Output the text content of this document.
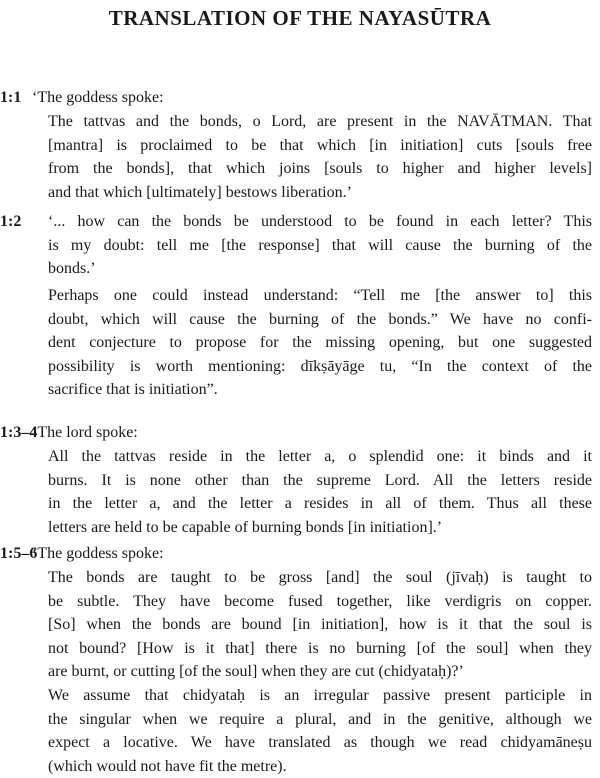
TRANSLATION OF THE NAYASŪTRA
1:1 ‘The goddess spoke:
The tattvas and the bonds, o Lord, are present in the NAVĀTMAN. That
[mantra] is proclaimed to be that which [in initiation] cuts [souls free
from the bonds], that which joins [souls to higher and higher levels]
and that which [ultimately] bestows liberation.’
1:2 ‘... how can the bonds be understood to be found in each letter? This
is my doubt: tell me [the response] that will cause the burning of the
bonds.’
Perhaps one could instead understand: “Tell me [the answer to] this
doubt, which will cause the burning of the bonds.” We have no confi-
dent conjecture to propose for the missing opening, but one suggested
possibility is worth mentioning: dīkṣāyāge tu, “In the context of the
sacrifice that is initiation”.
1:3–4
‘The lord spoke:
All the tattvas reside in the letter a, o splendid one: it binds and it
burns. It is none other than the supreme Lord. All the letters reside
in the letter a, and the letter a resides in all of them. Thus all these
letters are held to be capable of burning bonds [in initiation].’
1:5–6
‘The goddess spoke:
The bonds are taught to be gross [and] the soul (jīvaḥ) is taught to
be subtle. They have become fused together, like verdigris on copper.
[So] when the bonds are bound [in initiation], how is it that the soul is
not bound? [How is it that] there is no burning [of the soul] when they
are burnt, or cutting [of the soul] when they are cut (chidyataḥ)?’
We assume that chidyataḥ is an irregular passive present participle in
the singular when we require a plural, and in the genitive, although we
expect a locative. We have translated as though we read chidyamāneṣu
(which would not have fit the metre).
